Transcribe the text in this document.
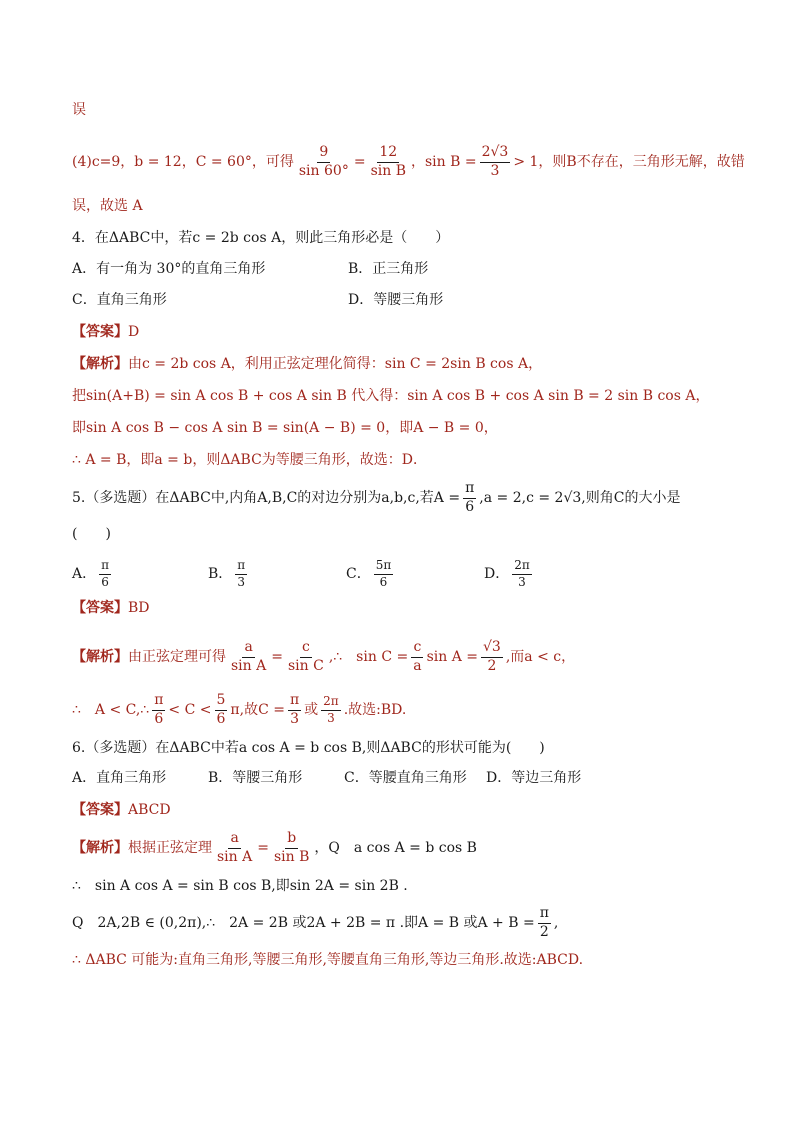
误
(4)c=9，b = 12，C = 60°，可得 $\frac{9}{\sin 60^\circ} = \frac{12}{\text{sin B}}$ ，$\sin B = \frac{2√3}{3} > 1$，则B不存在，三角形无解，故错
误，故选 A
4．在ΔABC中，若c = 2b cos A，则此三角形必是（　　）
A．有一角为 30°的直角三角形	B．正三角形
C．直角三角形	D．等腰三角形
【答案】 D
【解析】 由c = 2b cos A，利用正弦定理化简得：sin C = 2sin B cos A，
把sin(A+B) = sin A cos B + cos A sin B 代入得：sin A cos B + cos A sin B = 2 sin B cos A，
即sin A cos B − cos A sin B = sin(A − B) = 0，即A − B = 0，
∴ A = B，即a = b，则ΔABC为等腰三角形，故选：D．
5.（多选题）在ΔABC中,内角A,B,C的对边分别为a,b,c,若$A = \frac{\pi}{6} ,a = 2,c = 2√3$,则角C的大小是
(　　)
A． $\frac{\pi}{6}$	B． $\frac{\pi}{3}$	C． $\frac{5\pi}{6}$	D． $\frac{2\pi}{3}$
【答案】 BD
【解析】 由正弦定理可得 $\frac{a}{\text{sin A}} = \frac{c}{\text{sin C}}$ ,∴　$\sin C = \frac{c}{a}$ $\sin A = \frac{√3}{2}$ ,而a < c，
∴　A < C,∴ $\frac{\pi}{6} < C < \frac{5}{6} \pi$,故$C = \frac{\pi}{3}$ 或 $\frac{2\pi}{3}$ .故选:BD.
6.（多选题）在ΔABC中若a cos A = b cos B,则ΔABC的形状可能为(　　)
A．直角三角形	B．等腰三角形	C．等腰直角三角形	D．等边三角形
【答案】 ABCD
【解析】 根据正弦定理 $\frac{a}{\text{sin A}} = \frac{b}{\text{sin B}}$ ，Q　a cos A = b cos B
∴　sin A cos A = sin B cos B,即sin 2A = sin 2B .
Q　2A,2B ∈ (0,2π),∴　2A = 2B 或2A + 2B = π .即A = B 或$A + B = \frac{\pi}{2}$ ,
∴ ΔABC 可能为:直角三角形,等腰三角形,等腰直角三角形,等边三角形.故选:ABCD.
